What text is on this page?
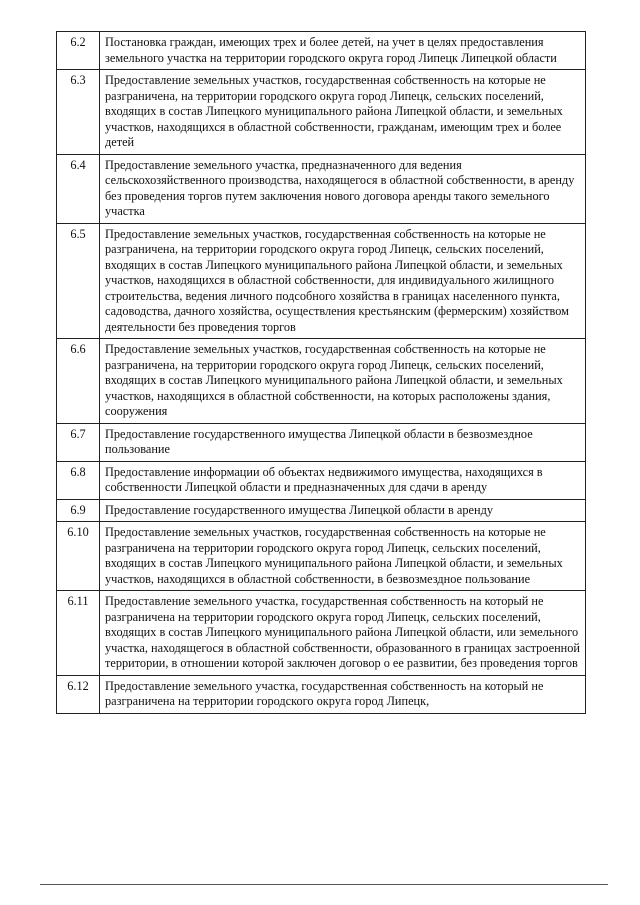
6.2	Постановка граждан, имеющих трех и более детей, на учет в целях предоставления земельного участка на территории городского округа город Липецк Липецкой области
6.3	Предоставление земельных участков, государственная собственность на которые не разграничена, на территории городского округа город Липецк, сельских поселений, входящих в состав Липецкого муниципального района Липецкой области, и земельных участков, находящихся в областной собственности, гражданам, имеющим трех и более детей
6.4	Предоставление земельного участка, предназначенного для ведения сельскохозяйственного производства, находящегося в областной собственности, в аренду без проведения торгов путем заключения нового договора аренды такого земельного участка
6.5	Предоставление земельных участков, государственная собственность на которые не разграничена, на территории городского округа город Липецк, сельских поселений, входящих в состав Липецкого муниципального района Липецкой области, и земельных участков, находящихся в областной собственности, для индивидуального жилищного строительства, ведения личного подсобного хозяйства в границах населенного пункта, садоводства, дачного хозяйства, осуществления крестьянским (фермерским) хозяйством деятельности без проведения торгов
6.6	Предоставление земельных участков, государственная собственность на которые не разграничена, на территории городского округа город Липецк, сельских поселений, входящих в состав Липецкого муниципального района Липецкой области, и земельных участков, находящихся в областной собственности, на которых расположены здания, сооружения
6.7	Предоставление государственного имущества Липецкой области в безвозмездное пользование
6.8	Предоставление информации об объектах недвижимого имущества, находящихся в собственности Липецкой области и предназначенных для сдачи в аренду
6.9	Предоставление государственного имущества Липецкой области в аренду
6.10	Предоставление земельных участков, государственная собственность на которые не разграничена на территории городского округа город Липецк, сельских поселений, входящих в состав Липецкого муниципального района Липецкой области, и земельных участков, находящихся в областной собственности, в безвозмездное пользование
6.11	Предоставление земельного участка, государственная собственность на который не разграничена на территории городского округа город Липецк, сельских поселений, входящих в состав Липецкого муниципального района Липецкой области, или земельного участка, находящегося в областной собственности, образованного в границах застроенной территории, в отношении которой заключен договор о ее развитии, без проведения торгов
6.12	Предоставление земельного участка, государственная собственность на который не разграничена на территории городского округа город Липецк,
